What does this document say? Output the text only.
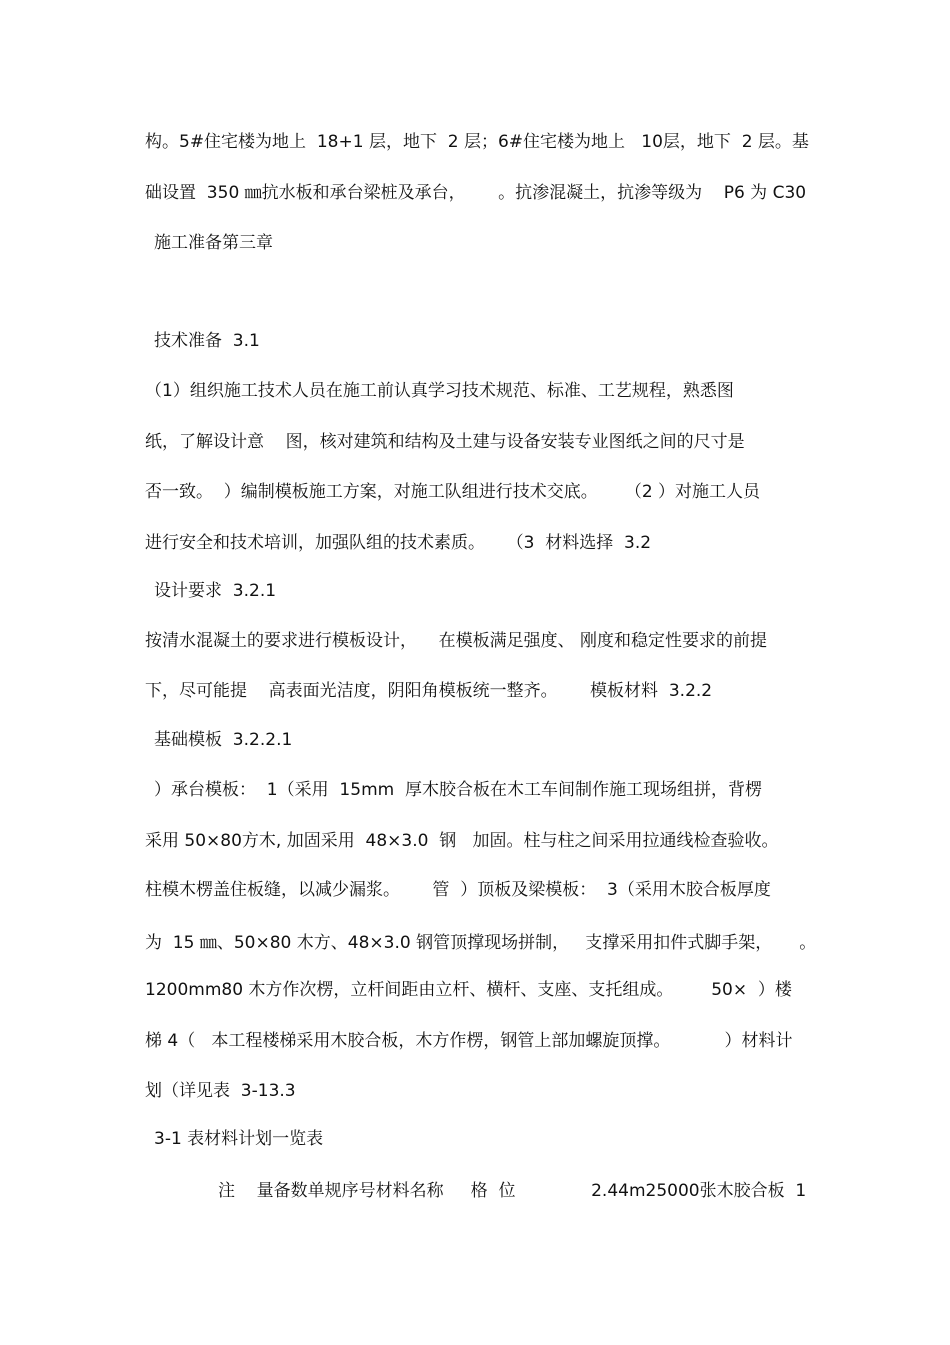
构。5#住宅楼为地上  18+1 层，地下  2 层；6#住宅楼为地上   10层，地下  2 层。基
础设置  350 ㎜抗水板和承台梁桩及承台，      。抗渗混凝土，抗渗等级为    P6 为 C30
施工准备第三章
技术准备  3.1
（1）组织施工技术人员在施工前认真学习技术规范、标准、工艺规程，熟悉图
纸，了解设计意    图，核对建筑和结构及土建与设备安装专业图纸之间的尺寸是
否一致。  ）编制模板施工方案，对施工队组进行技术交底。     （2 ）对施工人员
进行安全和技术培训，加强队组的技术素质。    （3  材料选择  3.2
设计要求  3.2.1
按清水混凝土的要求进行模板设计，    在模板满足强度、 刚度和稳定性要求的前提
下，尽可能提    高表面光洁度，阴阳角模板统一整齐。      模板材料  3.2.2
基础模板  3.2.2.1
）承台模板：  1（采用  15mm  厚木胶合板在木工车间制作施工现场组拼，背楞
采用 50×80方木, 加固采用  48×3.0  钢   加固。柱与柱之间采用拉通线检查验收。
柱模木楞盖住板缝，以减少漏浆。      管  ）顶板及梁模板：  3（采用木胶合板厚度
为  15 ㎜、50×80 木方、48×3.0 钢管顶撑现场拼制，   支撑采用扣件式脚手架，     。
1200mm80 木方作次楞，立杆间距由立杆、横杆、支座、支托组成。       50×  ）楼
梯 4（   本工程楼梯采用木胶合板，木方作楞，钢管上部加螺旋顶撑。          ）材料计
划（详见表  3-13.3
3-1 表材料计划一览表
注    量备数单规序号材料名称     格  位              2.44m25000张木胶合板  1
